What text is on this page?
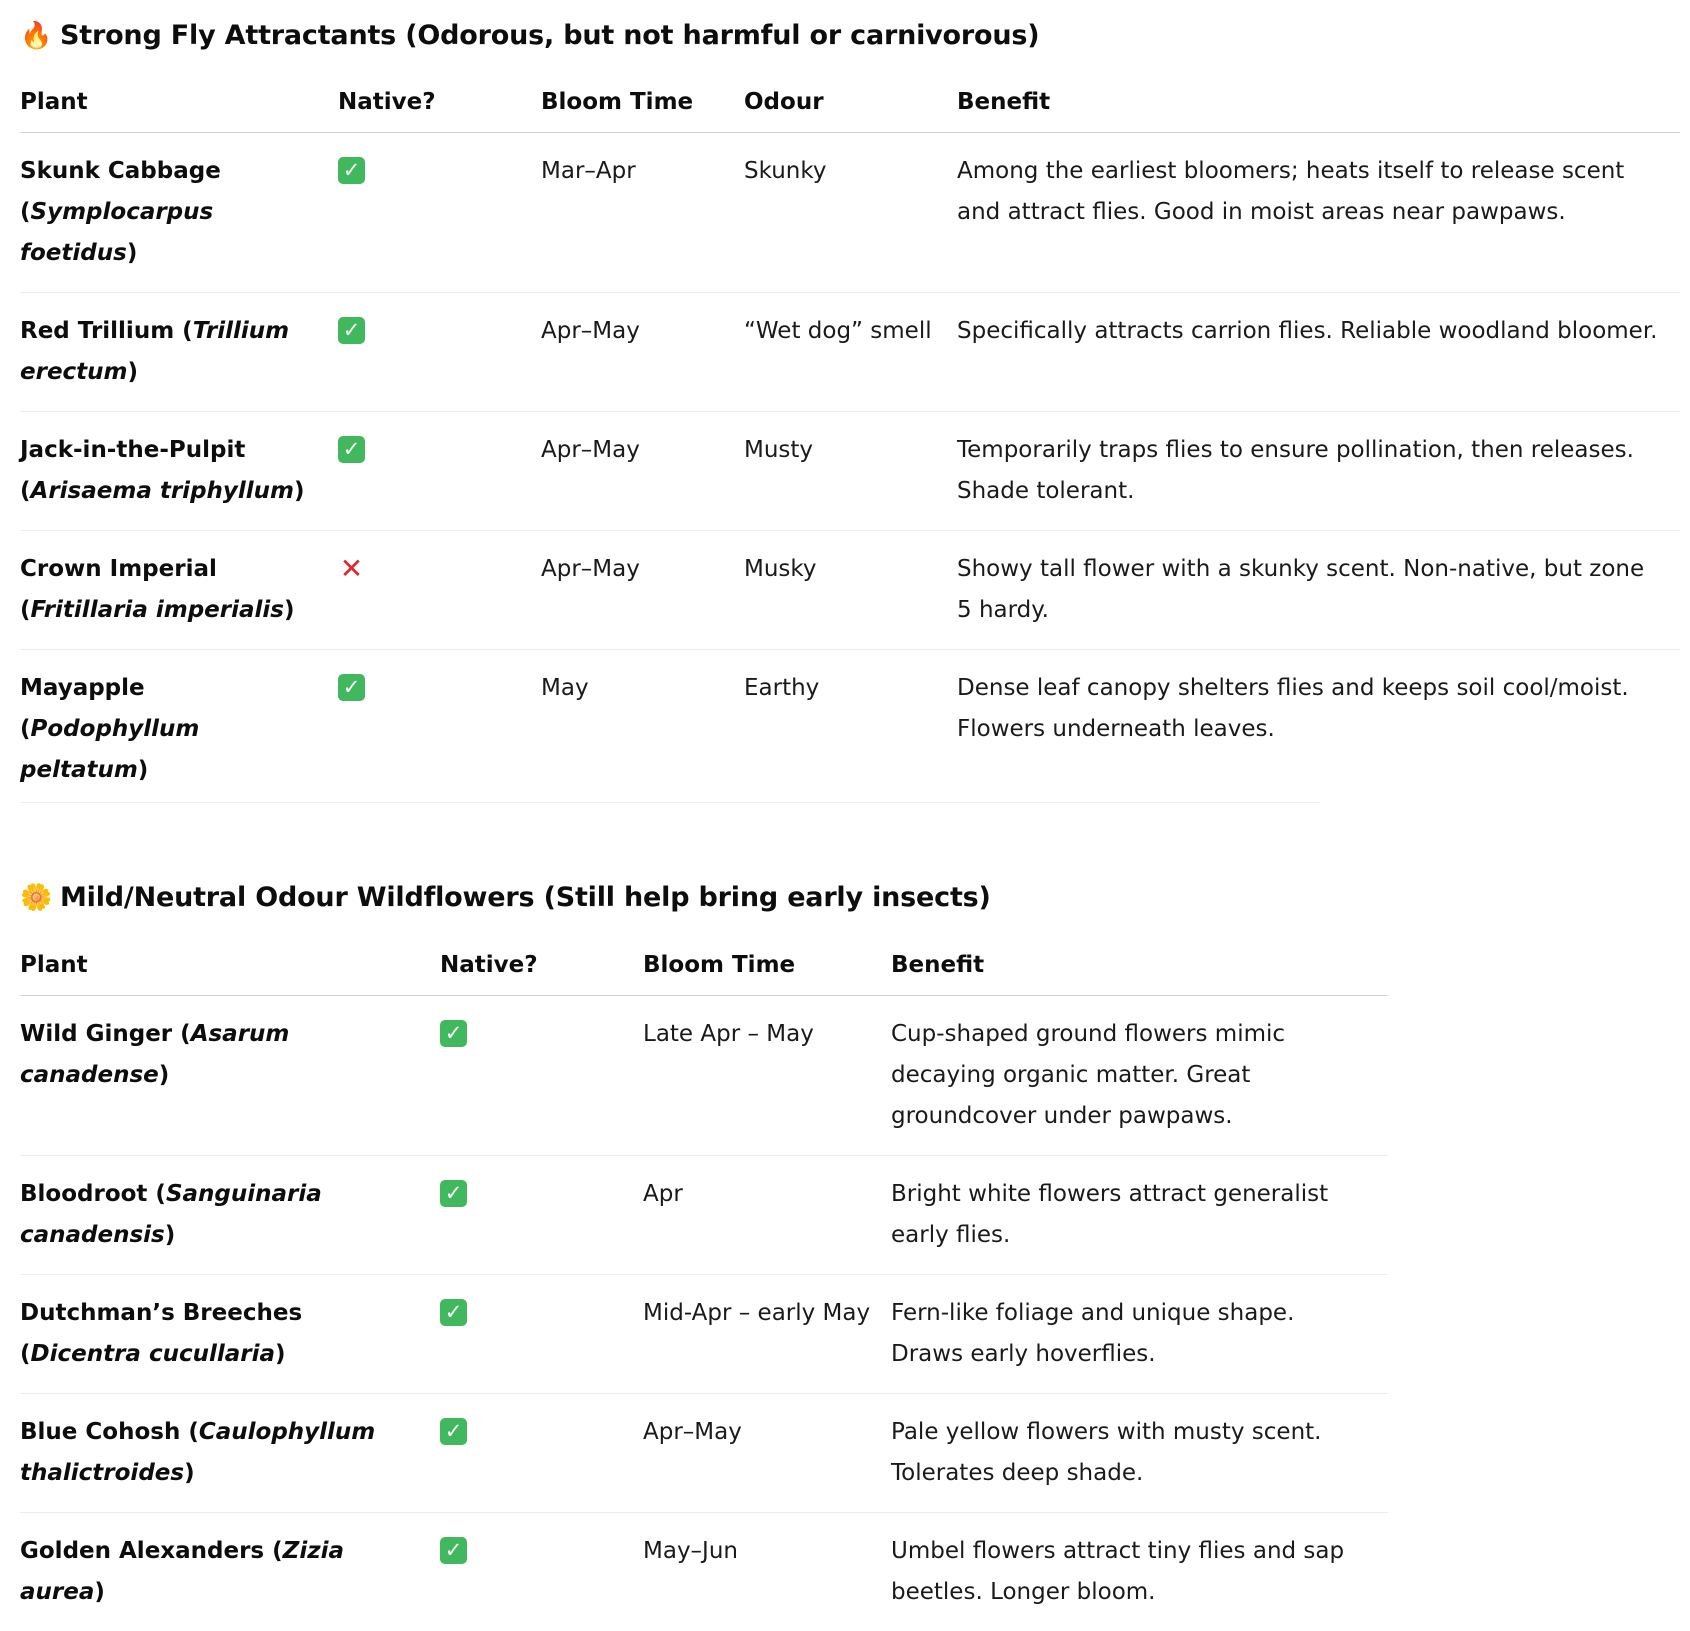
🔥 Strong Fly Attractants (Odorous, but not harmful or carnivorous)
Plant	Native?	Bloom Time	Odour	Benefit
Skunk Cabbage (Symplocarpus foetidus)	✓	Mar–Apr	Skunky	Among the earliest bloomers; heats itself to release scent and attract flies. Good in moist areas near pawpaws.
Red Trillium (Trillium erectum)	✓	Apr–May	“Wet dog” smell	Specifically attracts carrion flies. Reliable woodland bloomer.
Jack-in-the-Pulpit (Arisaema triphyllum)	✓	Apr–May	Musty	Temporarily traps flies to ensure pollination, then releases. Shade tolerant.
Crown Imperial (Fritillaria imperialis)	✕	Apr–May	Musky	Showy tall flower with a skunky scent. Non-native, but zone 5 hardy.
Mayapple (Podophyllum peltatum)	✓	May	Earthy	Dense leaf canopy shelters flies and keeps soil cool/moist. Flowers underneath leaves.
🌼 Mild/Neutral Odour Wildflowers (Still help bring early insects)
Plant	Native?	Bloom Time	Benefit
Wild Ginger (Asarum canadense)	✓	Late Apr – May	Cup-shaped ground flowers mimic decaying organic matter. Great groundcover under pawpaws.
Bloodroot (Sanguinaria canadensis)	✓	Apr	Bright white flowers attract generalist early flies.
Dutchman’s Breeches (Dicentra cucullaria)	✓	Mid-Apr – early May	Fern-like foliage and unique shape. Draws early hoverflies.
Blue Cohosh (Caulophyllum thalictroides)	✓	Apr–May	Pale yellow flowers with musty scent. Tolerates deep shade.
Golden Alexanders (Zizia aurea)	✓	May–Jun	Umbel flowers attract tiny flies and sap beetles. Longer bloom.
